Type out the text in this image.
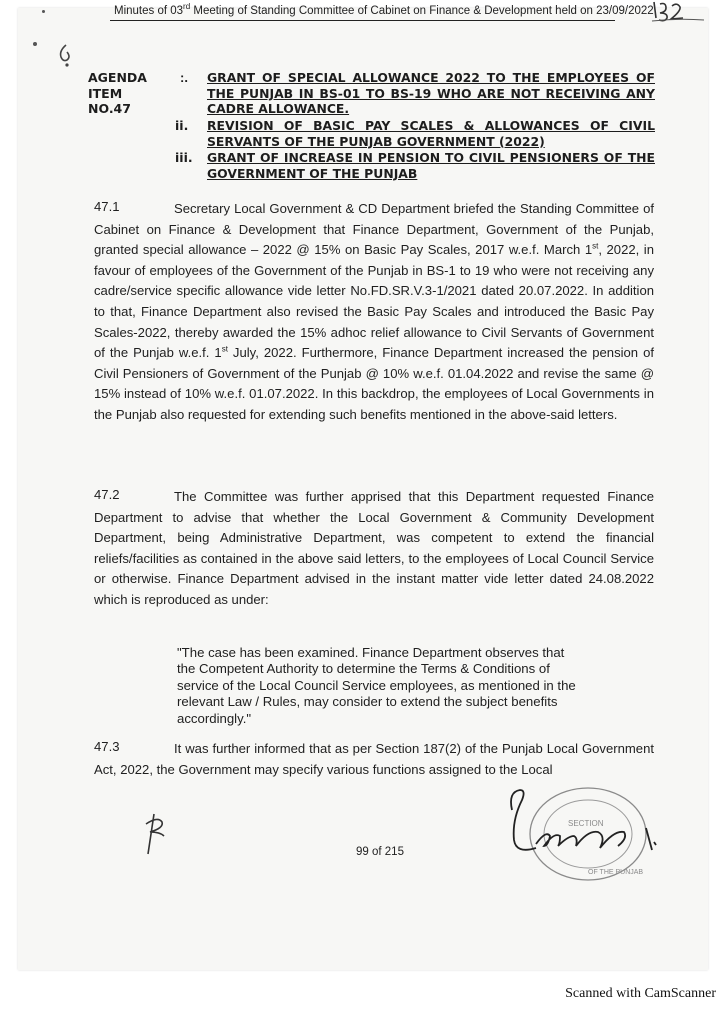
Minutes of 03rd Meeting of Standing Committee of Cabinet on Finance & Development held on 23/09/2022
AGENDA
ITEM
NO.47
:. GRANT OF SPECIAL ALLOWANCE 2022 TO THE EMPLOYEES OF THE PUNJAB IN BS-01 TO BS-19 WHO ARE NOT RECEIVING ANY CADRE ALLOWANCE.
ii. REVISION OF BASIC PAY SCALES & ALLOWANCES OF CIVIL SERVANTS OF THE PUNJAB GOVERNMENT (2022)
iii. GRANT OF INCREASE IN PENSION TO CIVIL PENSIONERS OF THE GOVERNMENT OF THE PUNJAB
47.1	Secretary Local Government & CD Department briefed the Standing Committee of Cabinet on Finance & Development that Finance Department, Government of the Punjab, granted special allowance – 2022 @ 15% on Basic Pay Scales, 2017 w.e.f. March 1st, 2022, in favour of employees of the Government of the Punjab in BS-1 to 19 who were not receiving any cadre/service specific allowance vide letter No.FD.SR.V.3-1/2021 dated 20.07.2022. In addition to that, Finance Department also revised the Basic Pay Scales and introduced the Basic Pay Scales-2022, thereby awarded the 15% adhoc relief allowance to Civil Servants of Government of the Punjab w.e.f. 1st July, 2022. Furthermore, Finance Department increased the pension of Civil Pensioners of Government of the Punjab @ 10% w.e.f. 01.04.2022 and revise the same @ 15% instead of 10% w.e.f. 01.07.2022. In this backdrop, the employees of Local Governments in the Punjab also requested for extending such benefits mentioned in the above-said letters.
47.2	The Committee was further apprised that this Department requested Finance Department to advise that whether the Local Government & Community Development Department, being Administrative Department, was competent to extend the financial reliefs/facilities as contained in the above said letters, to the employees of Local Council Service or otherwise. Finance Department advised in the instant matter vide letter dated 24.08.2022 which is reproduced as under:
"The case has been examined. Finance Department observes that
the Competent Authority to determine the Terms & Conditions of
service of the Local Council Service employees, as mentioned in the
relevant Law / Rules, may consider to extend the subject benefits
accordingly."
47.3	It was further informed that as per Section 187(2) of the Punjab Local Government Act, 2022, the Government may specify various functions assigned to the Local
SECTION
OF THE PUNJAB
99 of 215
Scanned with CamScanner
